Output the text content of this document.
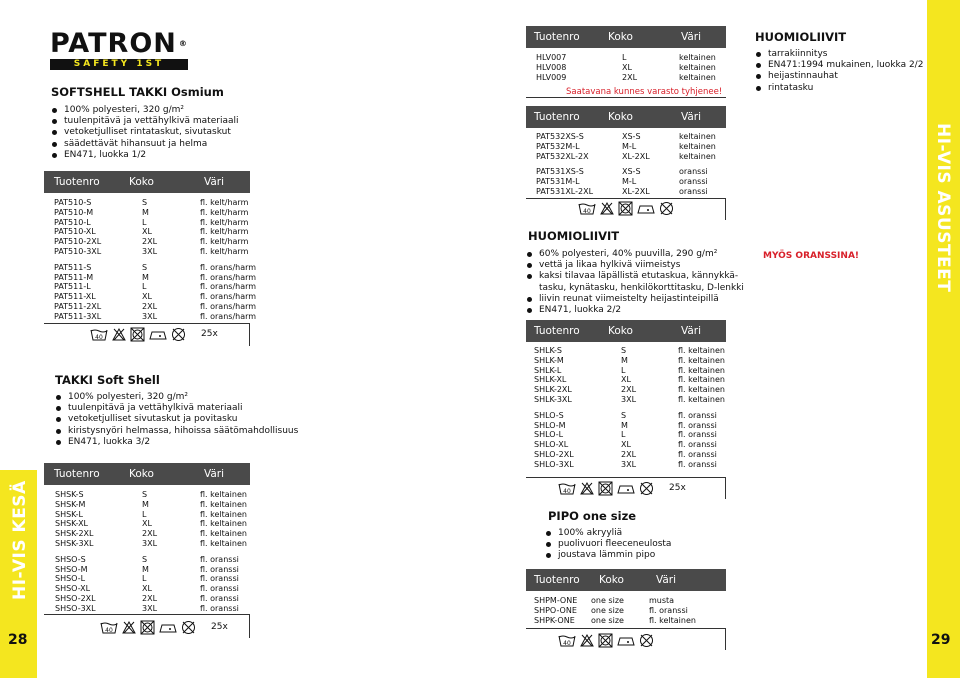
HI-VIS KESÄ
28
HI-VIS ASUSTEET
29
PATRON ®
SAFETY 1ST
SOFTSHELL TAKKI Osmium
100% polyesteri, 320 g/m²
tuulenpitävä ja vettähylkivä materiaali
vetoketjulliset rintataskut, sivutaskut
säädettävät hihansuut ja helma
EN471, luokka 1/2
Tuotenro	Koko	Väri
PAT510-S	S	fl. kelt/harm
PAT510-M	M	fl. kelt/harm
PAT510-L	L	fl. kelt/harm
PAT510-XL	XL	fl. kelt/harm
PAT510-2XL	2XL	fl. kelt/harm
PAT510-3XL	3XL	fl. kelt/harm
PAT511-S	S	fl. orans/harm
PAT511-M	M	fl. orans/harm
PAT511-L	L	fl. orans/harm
PAT511-XL	XL	fl. orans/harm
PAT511-2XL	2XL	fl. orans/harm
PAT511-3XL	3XL	fl. orans/harm
40	25x
TAKKI Soft Shell
100% polyesteri, 320 g/m²
tuulenpitävä ja vettähylkivä materiaali
vetoketjulliset sivutaskut ja povitasku
kiristysnyöri helmassa, hihoissa säätömahdollisuus
EN471, luokka 3/2
Tuotenro	Koko	Väri
SHSK-S	S	fl. keltainen
SHSK-M	M	fl. keltainen
SHSK-L	L	fl. keltainen
SHSK-XL	XL	fl. keltainen
SHSK-2XL	2XL	fl. keltainen
SHSK-3XL	3XL	fl. keltainen
SHSO-S	S	fl. oranssi
SHSO-M	M	fl. oranssi
SHSO-L	L	fl. oranssi
SHSO-XL	XL	fl. oranssi
SHSO-2XL	2XL	fl. oranssi
SHSO-3XL	3XL	fl. oranssi
40	25x
Tuotenro	Koko	Väri
HLV007	L	keltainen
HLV008	XL	keltainen
HLV009	2XL	keltainen
Saatavana kunnes varasto tyhjenee!
Tuotenro	Koko	Väri
PAT532XS-S	XS-S	keltainen
PAT532M-L	M-L	keltainen
PAT532XL-2X	XL-2XL	keltainen
PAT531XS-S	XS-S	oranssi
PAT531M-L	M-L	oranssi
PAT531XL-2XL	XL-2XL	oranssi
40
HUOMIOLIIVIT
60% polyesteri, 40% puuvilla, 290 g/m²
vettä ja likaa hylkivä viimeistys
kaksi tilavaa läpällistä etutaskua, kännykkä-
tasku, kynätasku, henkilökorttitasku, D-lenkki
liivin reunat viimeistelty heijastinteipillä
EN471, luokka 2/2
HUOMIOLIIVIT
tarrakiinnitys
EN471:1994 mukainen, luokka 2/2
heijastinnauhat
rintatasku
MYÖS ORANSSINA!
Tuotenro	Koko	Väri
SHLK-S	S	fl. keltainen
SHLK-M	M	fl. keltainen
SHLK-L	L	fl. keltainen
SHLK-XL	XL	fl. keltainen
SHLK-2XL	2XL	fl. keltainen
SHLK-3XL	3XL	fl. keltainen
SHLO-S	S	fl. oranssi
SHLO-M	M	fl. oranssi
SHLO-L	L	fl. oranssi
SHLO-XL	XL	fl. oranssi
SHLO-2XL	2XL	fl. oranssi
SHLO-3XL	3XL	fl. oranssi
40	25x
PIPO one size
100% akryyliä
puolivuori fleeceneulosta
joustava lämmin pipo
Tuotenro Koko	Väri
SHPM-ONE one size	musta
SHPO-ONE one size	fl. oranssi
SHPK-ONE one size	fl. keltainen
40
